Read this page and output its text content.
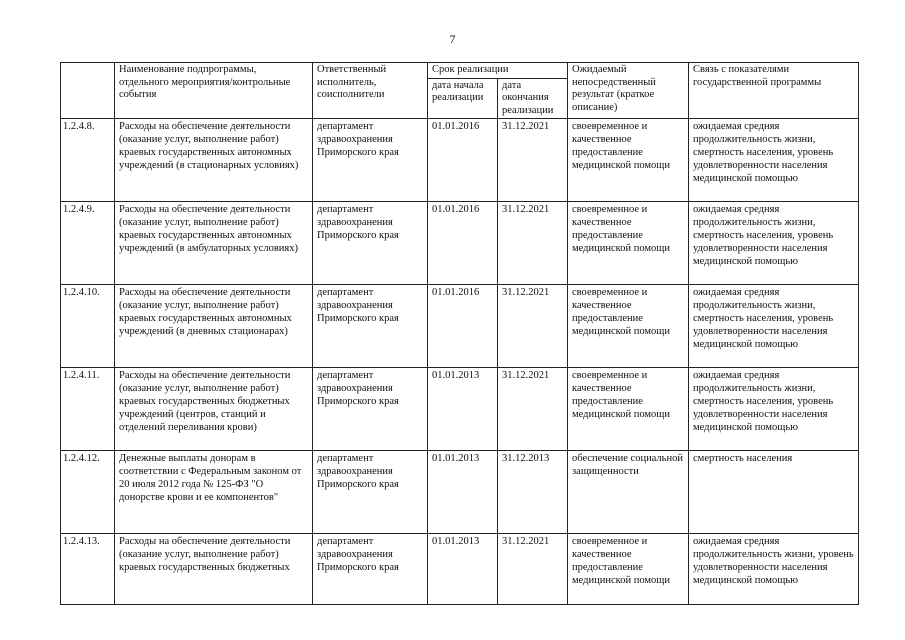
7
	Наименование подпрограммы, отдельного мероприятия/контрольные события	Ответственный исполнитель, соисполнители	Срок реализации		Ожидаемый непосредственный результат (краткое описание)	Связь с показателями государственной программы
			дата начала реализации	дата окончания реализации		
1.2.4.8.	Расходы на обеспечение деятельности (оказание услуг, выполнение работ) краевых государственных автономных учреждений (в стационарных условиях)	департамент здравоохранения Приморского края	01.01.2016	31.12.2021	своевременное и качественное предоставление медицинской помощи	ожидаемая средняя продолжительность жизни, смертность населения, уровень удовлетворенности населения медицинской помощью
1.2.4.9.	Расходы на обеспечение деятельности (оказание услуг, выполнение работ) краевых государственных автономных учреждений (в амбулаторных условиях)	департамент здравоохранения Приморского края	01.01.2016	31.12.2021	своевременное и качественное предоставление медицинской помощи	ожидаемая средняя продолжительность жизни, смертность населения, уровень удовлетворенности населения медицинской помощью
1.2.4.10.	Расходы на обеспечение деятельности (оказание услуг, выполнение работ) краевых государственных автономных учреждений (в дневных стационарах)	департамент здравоохранения Приморского края	01.01.2016	31.12.2021	своевременное и качественное предоставление медицинской помощи	ожидаемая средняя продолжительность жизни, смертность населения, уровень удовлетворенности населения медицинской помощью
1.2.4.11.	Расходы на обеспечение деятельности (оказание услуг, выполнение работ) краевых государственных бюджетных учреждений (центров, станций и отделений переливания крови)	департамент здравоохранения Приморского края	01.01.2013	31.12.2021	своевременное и качественное предоставление медицинской помощи	ожидаемая средняя продолжительность жизни, смертность населения, уровень удовлетворенности населения медицинской помощью
1.2.4.12.	Денежные выплаты донорам в соответствии с Федеральным законом от 20 июля 2012 года № 125-ФЗ "О донорстве крови и ее компонентов"	департамент здравоохранения Приморского края	01.01.2013	31.12.2013	обеспечение социальной защищенности	смертность населения
1.2.4.13.	Расходы на обеспечение деятельности (оказание услуг, выполнение работ) краевых государственных бюджетных	департамент здравоохранения Приморского края	01.01.2013	31.12.2021	своевременное и качественное предоставление медицинской помощи	ожидаемая средняя продолжительность жизни, уровень удовлетворенности населения медицинской помощью
